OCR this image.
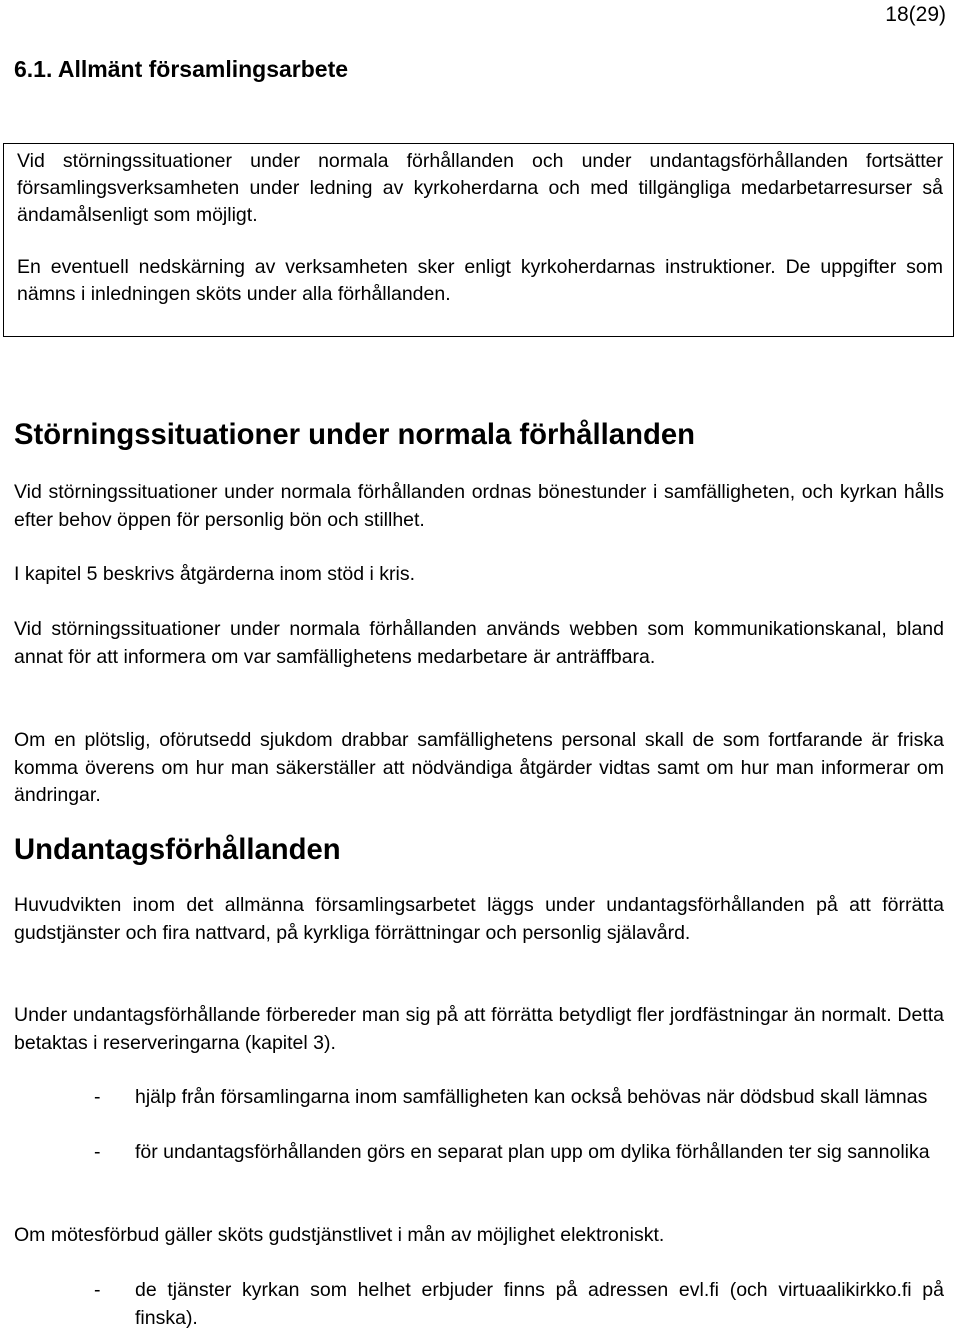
18(29)
6.1. Allmänt församlingsarbete

Vid störningssituationer under normala förhållanden och under undantagsförhållanden fortsätter församlingsverksamheten under ledning av kyrkoherdarna och med tillgängliga medarbetarresurser så ändamålsenligt som möjligt.

En eventuell nedskärning av verksamheten sker enligt kyrkoherdarnas instruktioner. De uppgifter som nämns i inledningen sköts under alla förhållanden.

Störningssituationer under normala förhållanden

Vid störningssituationer under normala förhållanden ordnas bönestunder i samfälligheten, och kyrkan hålls efter behov öppen för personlig bön och stillhet.

I kapitel 5 beskrivs åtgärderna inom stöd i kris.

Vid störningssituationer under normala förhållanden används webben som kommunikationskanal, bland annat för att informera om var samfällighetens medarbetare är anträffbara.

Om en plötslig, oförutsedd sjukdom drabbar samfällighetens personal skall de som fortfarande är friska komma överens om hur man säkerställer att nödvändiga åtgärder vidtas samt om hur man informerar om ändringar.

Undantagsförhållanden

Huvudvikten inom det allmänna församlingsarbetet läggs under undantagsförhållanden på att förrätta gudstjänster och fira nattvard, på kyrkliga förrättningar och personlig själavård.

Under undantagsförhållande förbereder man sig på att förrätta betydligt fler jordfästningar än normalt. Detta betaktas i reserveringarna (kapitel 3).

- hjälp från församlingarna inom samfälligheten kan också behövas när dödsbud skall lämnas
- för undantagsförhållanden görs en separat plan upp om dylika förhållanden ter sig sannolika

Om mötesförbud gäller sköts gudstjänstlivet i mån av möjlighet elektroniskt.

- de tjänster kyrkan som helhet erbjuder finns på adressen evl.fi (och virtuaalikirkko.fi på finska).
